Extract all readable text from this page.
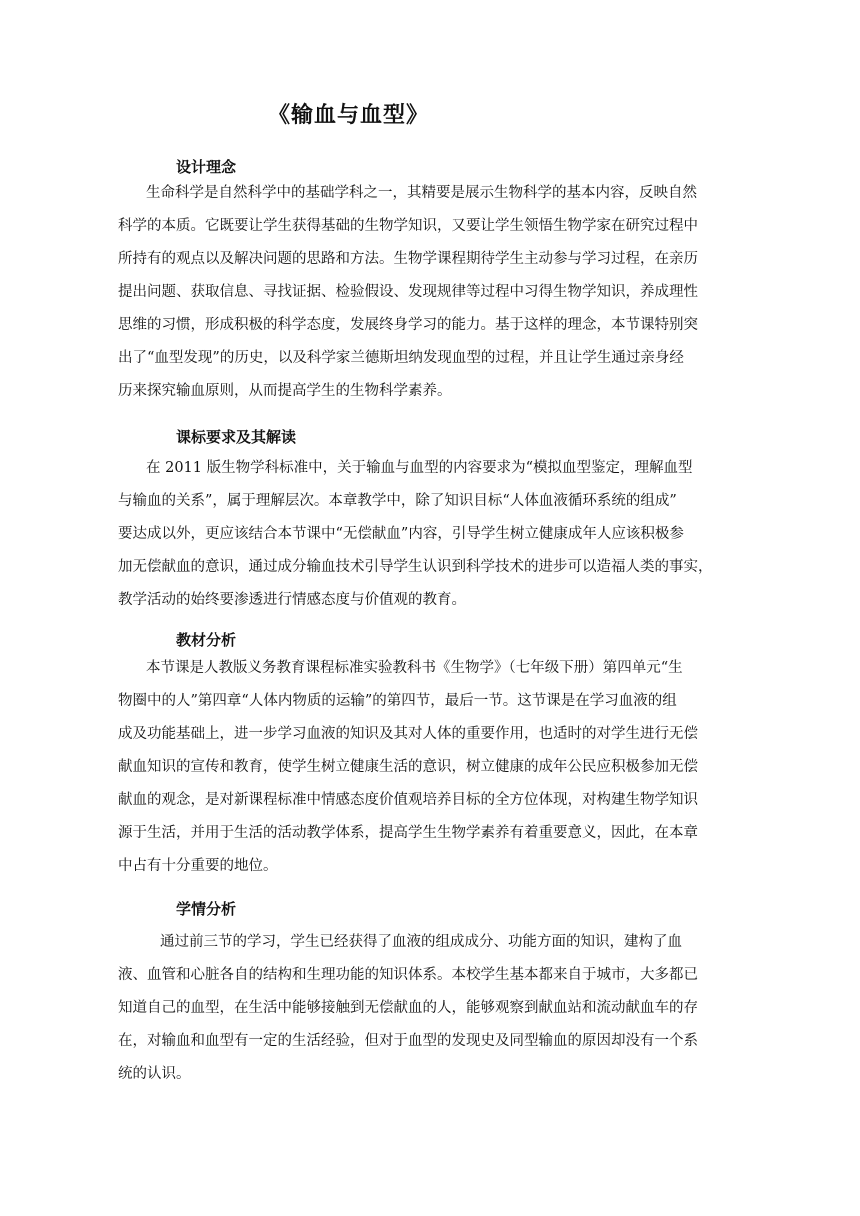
《输血与血型》
设计理念
生命科学是自然科学中的基础学科之一，其精要是展示生物科学的基本内容，反映自然
科学的本质。它既要让学生获得基础的生物学知识，又要让学生领悟生物学家在研究过程中
所持有的观点以及解决问题的思路和方法。生物学课程期待学生主动参与学习过程，在亲历
提出问题、获取信息、寻找证据、检验假设、发现规律等过程中习得生物学知识，养成理性
思维的习惯，形成积极的科学态度，发展终身学习的能力。基于这样的理念，本节课特别突
出了“血型发现”的历史，以及科学家兰德斯坦纳发现血型的过程，并且让学生通过亲身经
历来探究输血原则，从而提高学生的生物科学素养。
课标要求及其解读
在 2011 版生物学科标准中，关于输血与血型的内容要求为“模拟血型鉴定，理解血型
与输血的关系”，属于理解层次。本章教学中，除了知识目标“人体血液循环系统的组成”
要达成以外，更应该结合本节课中“无偿献血”内容，引导学生树立健康成年人应该积极参
加无偿献血的意识，通过成分输血技术引导学生认识到科学技术的进步可以造福人类的事实，
教学活动的始终要渗透进行情感态度与价值观的教育。
教材分析
本节课是人教版义务教育课程标准实验教科书《生物学》（七年级下册）第四单元“生
物圈中的人”第四章“人体内物质的运输”的第四节，最后一节。这节课是在学习血液的组
成及功能基础上，进一步学习血液的知识及其对人体的重要作用，也适时的对学生进行无偿
献血知识的宣传和教育，使学生树立健康生活的意识，树立健康的成年公民应积极参加无偿
献血的观念，是对新课程标准中情感态度价值观培养目标的全方位体现，对构建生物学知识
源于生活，并用于生活的活动教学体系，提高学生生物学素养有着重要意义，因此，在本章
中占有十分重要的地位。
学情分析
通过前三节的学习，学生已经获得了血液的组成成分、功能方面的知识，建构了血
液、血管和心脏各自的结构和生理功能的知识体系。本校学生基本都来自于城市，大多都已
知道自己的血型，在生活中能够接触到无偿献血的人，能够观察到献血站和流动献血车的存
在，对输血和血型有一定的生活经验，但对于血型的发现史及同型输血的原因却没有一个系
统的认识。
